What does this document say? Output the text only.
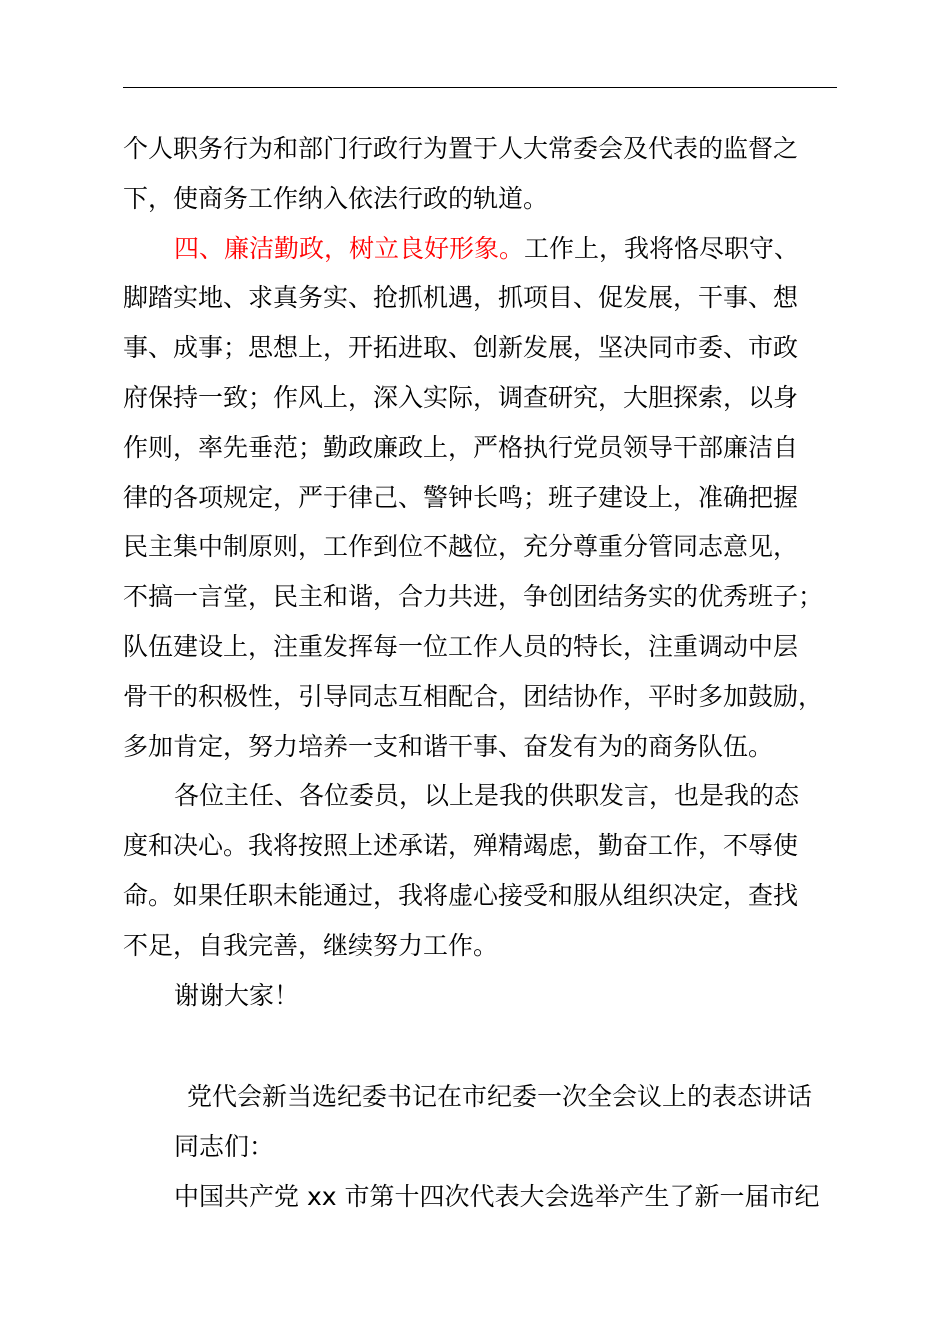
个人职务行为和部门行政行为置于人大常委会及代表的监督之
下，使商务工作纳入依法行政的轨道。
四、廉洁勤政，树立良好形象。工作上，我将恪尽职守、
脚踏实地、求真务实、抢抓机遇，抓项目、促发展，干事、想
事、成事；思想上，开拓进取、创新发展，坚决同市委、市政
府保持一致；作风上，深入实际，调查研究，大胆探索，以身
作则，率先垂范；勤政廉政上，严格执行党员领导干部廉洁自
律的各项规定，严于律己、警钟长鸣；班子建设上，准确把握
民主集中制原则，工作到位不越位，充分尊重分管同志意见，
不搞一言堂，民主和谐，合力共进，争创团结务实的优秀班子；
队伍建设上，注重发挥每一位工作人员的特长，注重调动中层
骨干的积极性，引导同志互相配合，团结协作，平时多加鼓励，
多加肯定，努力培养一支和谐干事、奋发有为的商务队伍。
各位主任、各位委员，以上是我的供职发言，也是我的态
度和决心。我将按照上述承诺，殚精竭虑，勤奋工作，不辱使
命。如果任职未能通过，我将虚心接受和服从组织决定，查找
不足，自我完善，继续努力工作。
谢谢大家！
党代会新当选纪委书记在市纪委一次全会议上的表态讲话
同志们：
中国共产党 xx 市第十四次代表大会选举产生了新一届市纪
